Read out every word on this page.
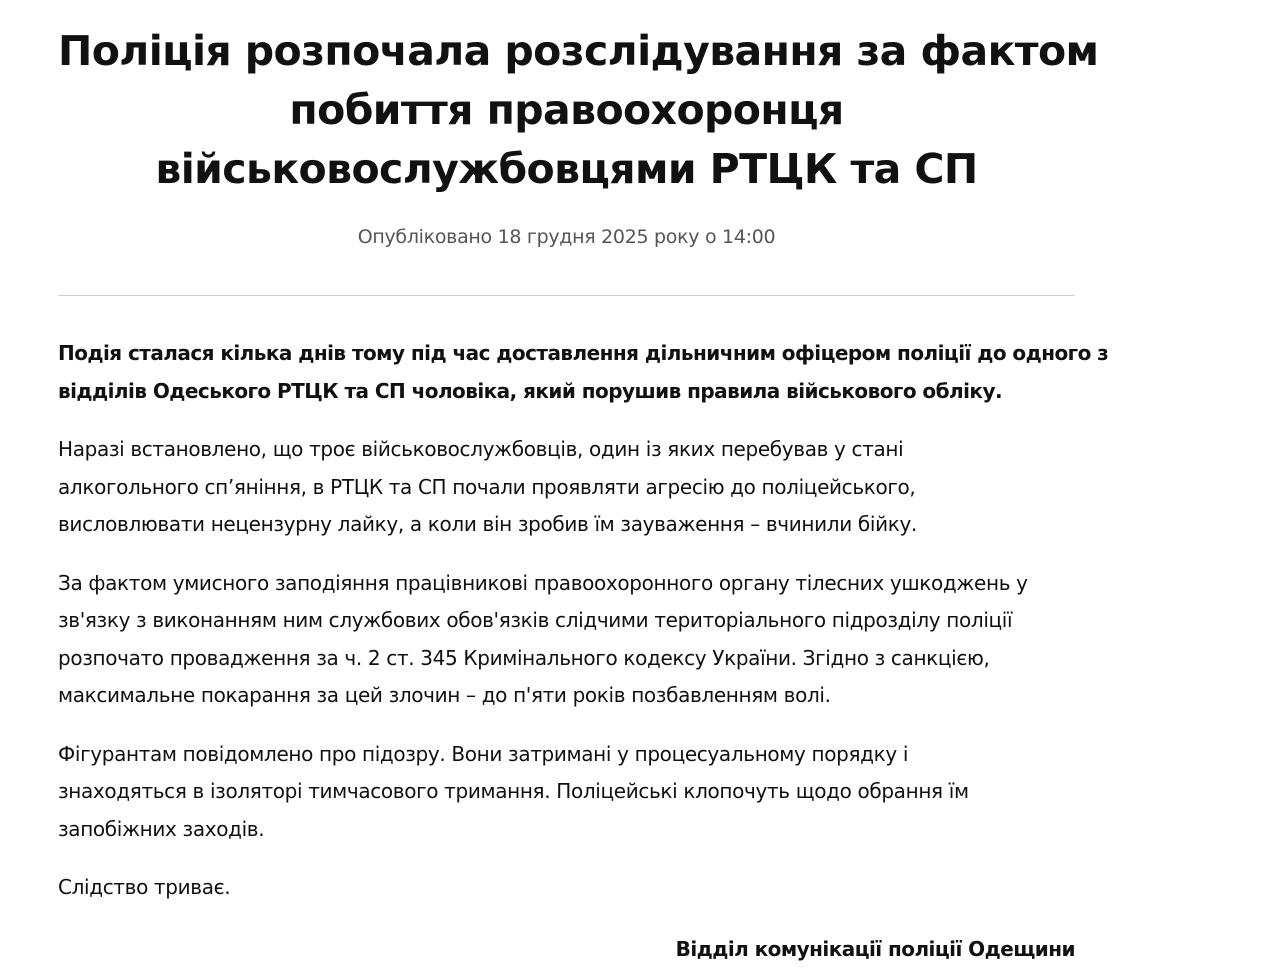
Поліція розпочала розслідування за фактом
побиття правоохоронця
військовослужбовцями РТЦК та СП
Опубліковано 18 грудня 2025 року о 14:00

Подія сталася кілька днів тому під час доставлення дільничним офіцером поліції до одного з
відділів Одеського РТЦК та СП чоловіка, який порушив правила військового обліку.

Наразі встановлено, що троє військовослужбовців, один із яких перебував у стані
алкогольного сп’яніння, в РТЦК та СП почали проявляти агресію до поліцейського,
висловлювати нецензурну лайку, а коли він зробив їм зауваження – вчинили бійку.

За фактом умисного заподіяння працівникові правоохоронного органу тілесних ушкоджень у
зв'язку з виконанням ним службових обов'язків слідчими територіального підрозділу поліції
розпочато провадження за ч. 2 ст. 345 Кримінального кодексу України. Згідно з санкцією,
максимальне покарання за цей злочин – до п'яти років позбавленням волі.

Фігурантам повідомлено про підозру. Вони затримані у процесуальному порядку і
знаходяться в ізоляторі тимчасового тримання. Поліцейські клопочуть щодо обрання їм
запобіжних заходів.

Слідство триває.

Відділ комунікації поліції Одещини
